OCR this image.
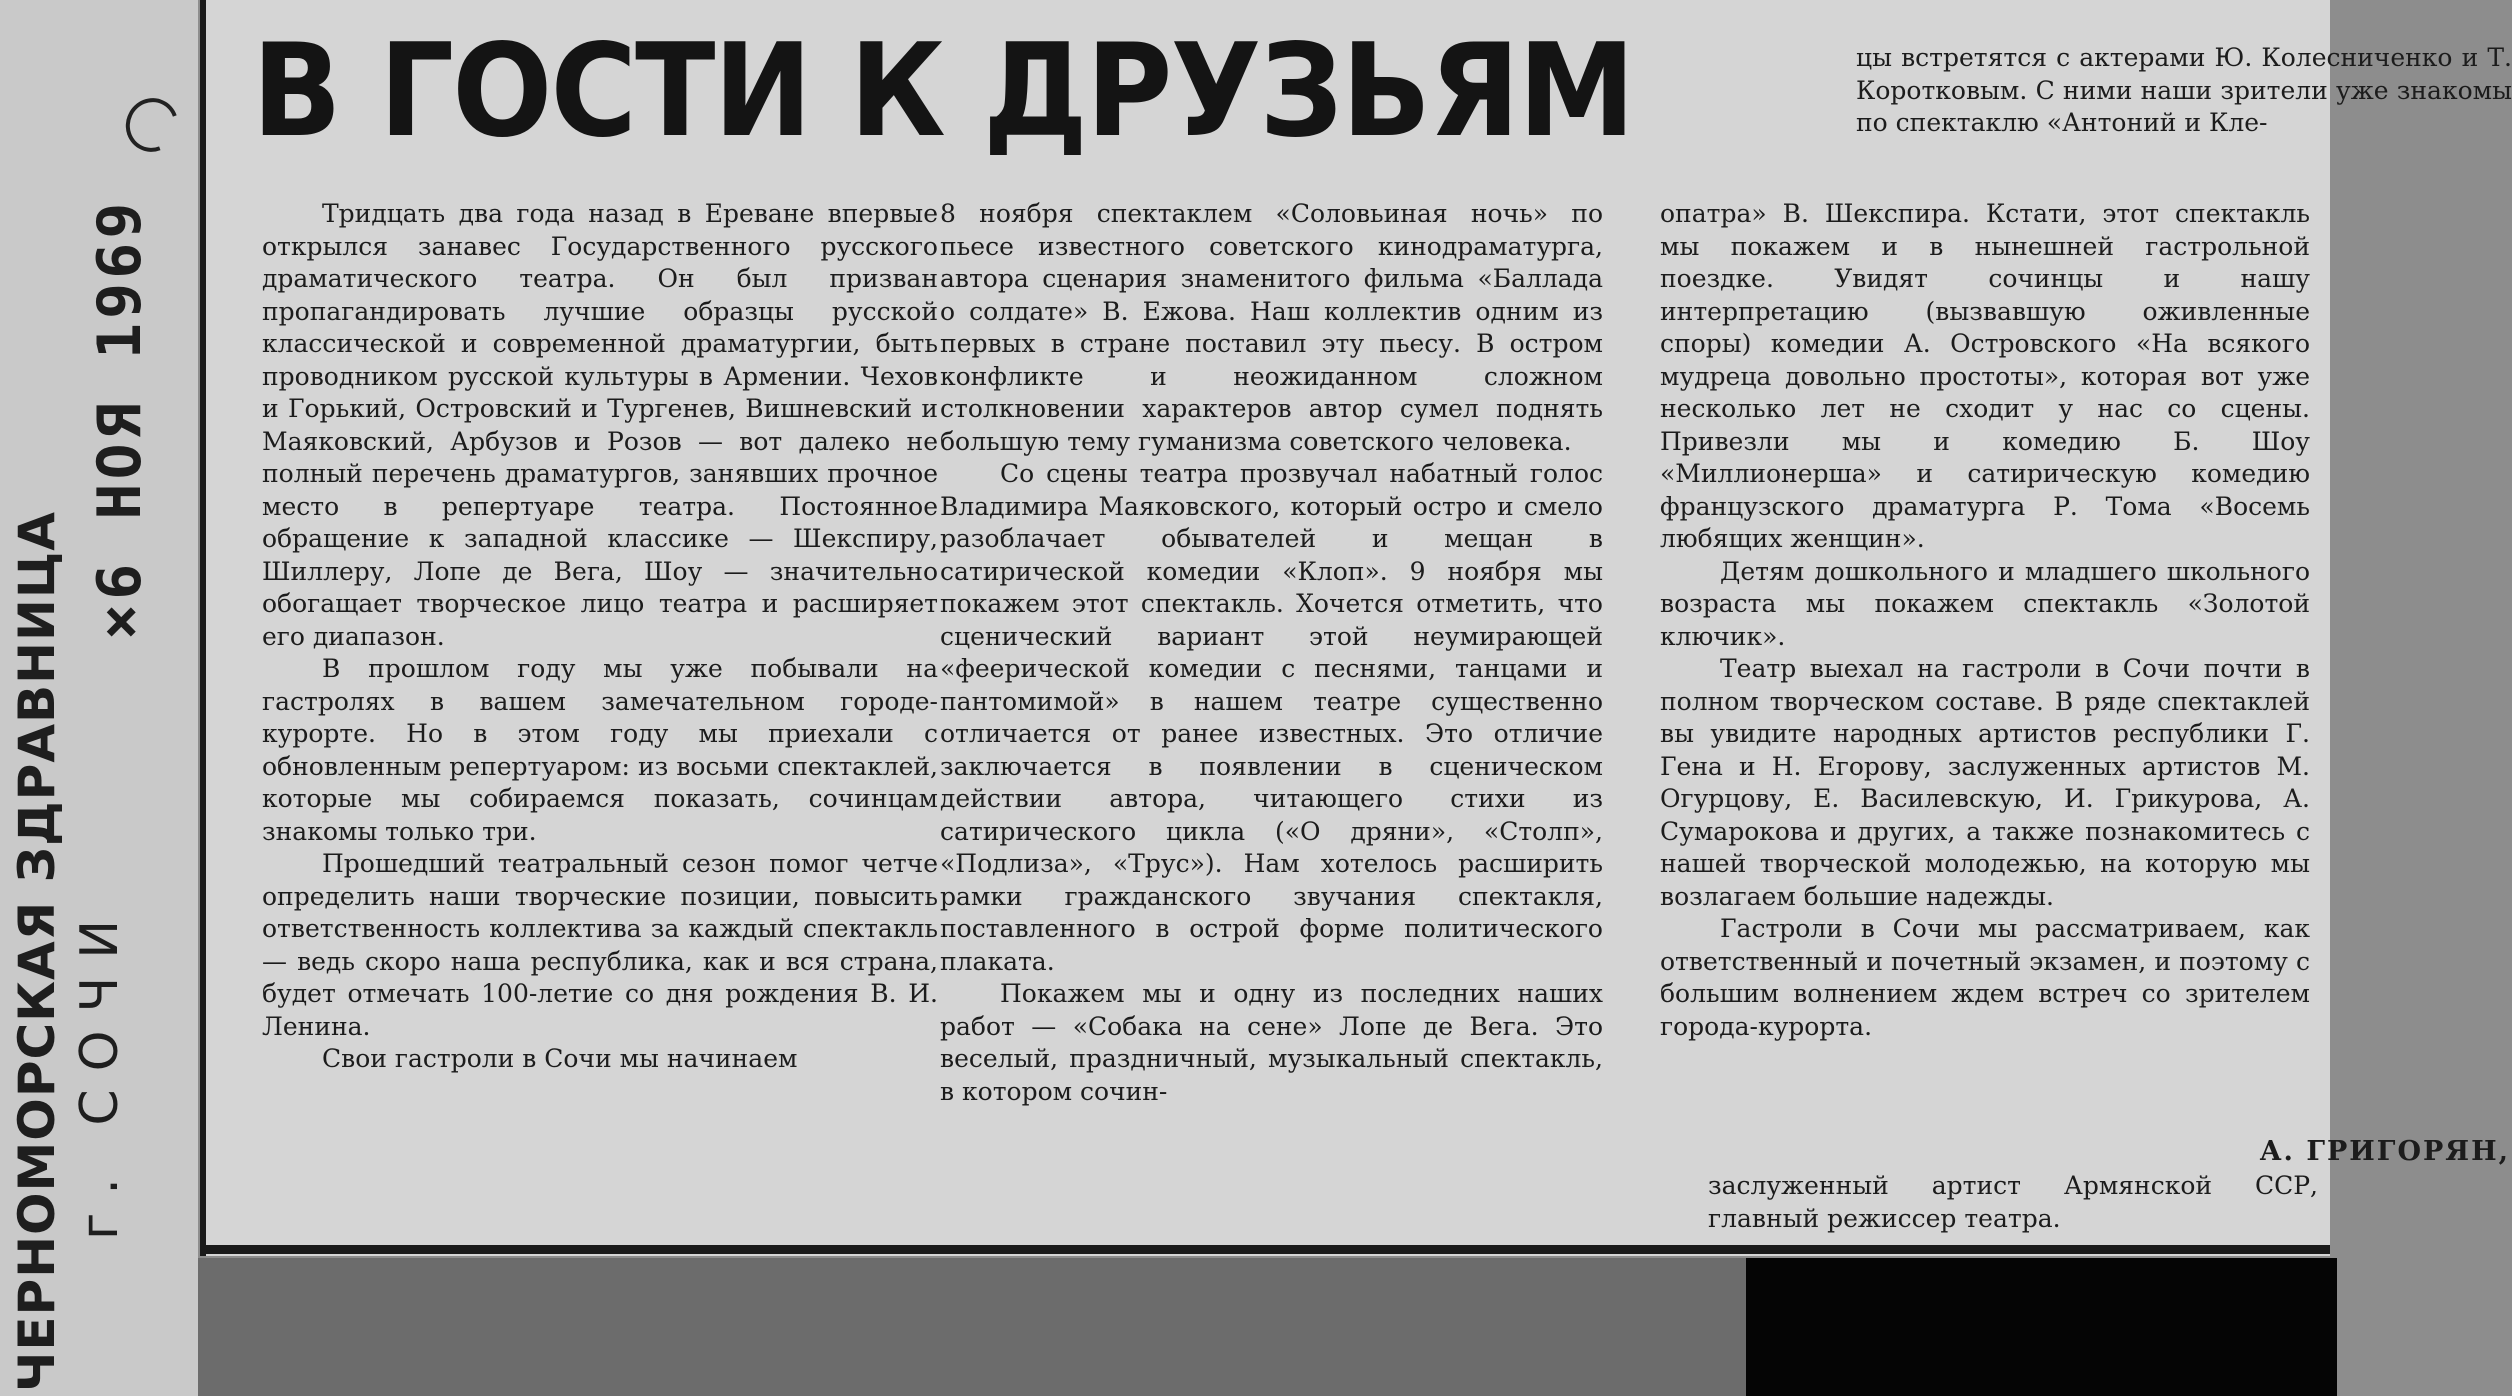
ЧЕРНОМОРСКАЯ ЗДРАВНИЦА г. СОЧИ
×6 НОЯ 1969
В ГОСТИ К ДРУЗЬЯМ	цы встретятся с актерами Ю. Колесниченко и Т. Коротковым. С ними наши зрители уже знакомы по спектаклю «Антоний и Кле-

Тридцать два года назад в Ереване впервые открылся занавес Государственного русского драматического театра. Он был призван пропагандировать лучшие образцы русской классической и современной драматургии, быть проводником русской культуры в Армении. Чехов и Горький, Островский и Тургенев, Вишневский и Маяковский, Арбузов и Розов — вот далеко не полный перечень драматургов, занявших прочное место в репертуаре театра. Постоянное обращение к западной классике — Шекспиру, Шиллеру, Лопе де Вега, Шоу — значительно обогащает творческое лицо театра и расширяет его диапазон.

В прошлом году мы уже побывали на гастролях в вашем замечательном городе-курорте. Но в этом году мы приехали с обновленным репертуаром: из восьми спектаклей, которые мы собираемся показать, сочинцам знакомы только три.

Прошедший театральный сезон помог четче определить наши творческие позиции, повысить ответственность коллектива за каждый спектакль — ведь скоро наша республика, как и вся страна, будет отмечать 100-летие со дня рождения В. И. Ленина.

Свои гастроли в Сочи мы начинаем

8 ноября спектаклем «Соловьиная ночь» по пьесе известного советского кинодраматурга, автора сценария знаменитого фильма «Баллада о солдате» В. Ежова. Наш коллектив одним из первых в стране поставил эту пьесу. В остром конфликте и неожиданном сложном столкновении характеров автор сумел поднять большую тему гуманизма советского человека.

Со сцены театра прозвучал набатный голос Владимира Маяковского, который остро и смело разоблачает обывателей и мещан в сатирической комедии «Клоп». 9 ноября мы покажем этот спектакль. Хочется отметить, что сценический вариант этой неумирающей «феерической комедии с песнями, танцами и пантомимой» в нашем театре существенно отличается от ранее известных. Это отличие заключается в появлении в сценическом действии автора, читающего стихи из сатирического цикла («О дряни», «Столп», «Подлиза», «Трус»). Нам хотелось расширить рамки гражданского звучания спектакля, поставленного в острой форме политического плаката.

Покажем мы и одну из последних наших работ — «Собака на сене» Лопе де Вега. Это веселый, праздничный, музыкальный спектакль, в котором сочин-

опатра» В. Шекспира. Кстати, этот спектакль мы покажем и в нынешней гастрольной поездке. Увидят сочинцы и нашу интерпретацию (вызвавшую оживленные споры) комедии А. Островского «На всякого мудреца довольно простоты», которая вот уже несколько лет не сходит у нас со сцены. Привезли мы и комедию Б. Шоу «Миллионерша» и сатирическую комедию французского драматурга Р. Тома «Восемь любящих женщин».

Детям дошкольного и младшего школьного возраста мы покажем спектакль «Золотой ключик».

Театр выехал на гастроли в Сочи почти в полном творческом составе. В ряде спектаклей вы увидите народных артистов республики Г. Гена и Н. Егорову, заслуженных артистов М. Огурцову, Е. Василевскую, И. Грикурова, А. Сумарокова и других, а также познакомитесь с нашей творческой молодежью, на которую мы возлагаем большие надежды.

Гастроли в Сочи мы рассматриваем, как ответственный и почетный экзамен, и поэтому с большим волнением ждем встреч со зрителем города-курорта.

А. ГРИГОРЯН,
заслуженный артист Армянской ССР, главный режиссер театра.
